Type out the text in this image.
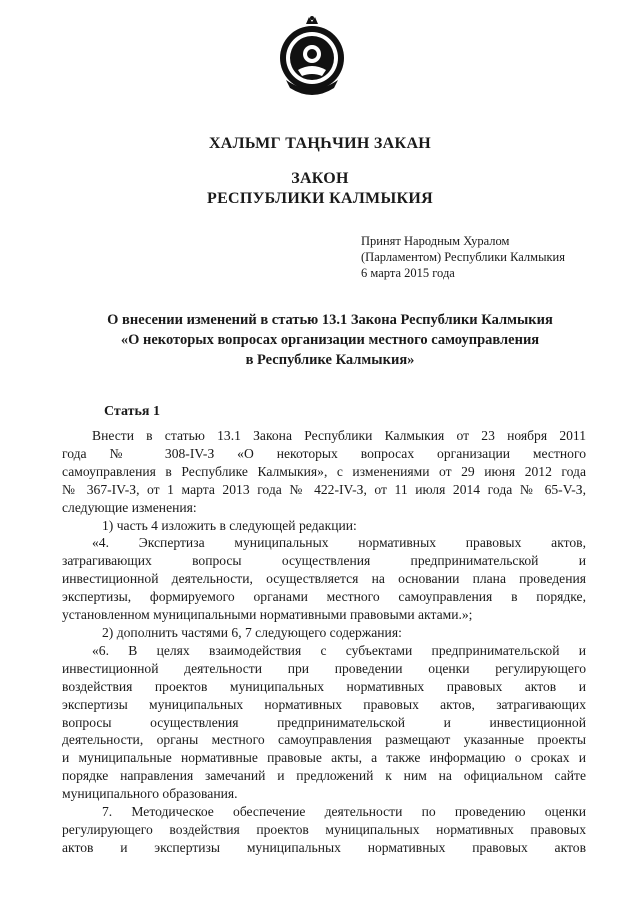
ХАЛЬМГ ТАҢҺЧИН ЗАКАН
ЗАКОН
РЕСПУБЛИКИ КАЛМЫКИЯ
Принят Народным Хуралом
(Парламентом) Республики Калмыкия
6 марта 2015 года
О внесении изменений в статью 13.1 Закона Республики Калмыкия
«О некоторых вопросах организации местного самоуправления
в Республике Калмыкия»
Статья 1
Внести в статью 13.1 Закона Республики Калмыкия от 23 ноября 2011
года № 308-IV-З «О некоторых вопросах организации местного
самоуправления в Республике Калмыкия», с изменениями от 29 июня 2012 года
№ 367-IV-З, от 1 марта 2013 года № 422-IV-З, от 11 июля 2014 года № 65-V-З,
следующие изменения:
1) часть 4 изложить в следующей редакции:
«4. Экспертиза муниципальных нормативных правовых актов,
затрагивающих вопросы осуществления предпринимательской и
инвестиционной деятельности, осуществляется на основании плана проведения
экспертизы, формируемого органами местного самоуправления в порядке,
установленном муниципальными нормативными правовыми актами.»;
2) дополнить частями 6, 7 следующего содержания:
«6. В целях взаимодействия с субъектами предпринимательской и
инвестиционной деятельности при проведении оценки регулирующего
воздействия проектов муниципальных нормативных правовых актов и
экспертизы муниципальных нормативных правовых актов, затрагивающих
вопросы осуществления предпринимательской и инвестиционной
деятельности, органы местного самоуправления размещают указанные проекты
и муниципальные нормативные правовые акты, а также информацию о сроках и
порядке направления замечаний и предложений к ним на официальном сайте
муниципального образования.
7. Методическое обеспечение деятельности по проведению оценки
регулирующего воздействия проектов муниципальных нормативных правовых
актов и экспертизы муниципальных нормативных правовых актов
